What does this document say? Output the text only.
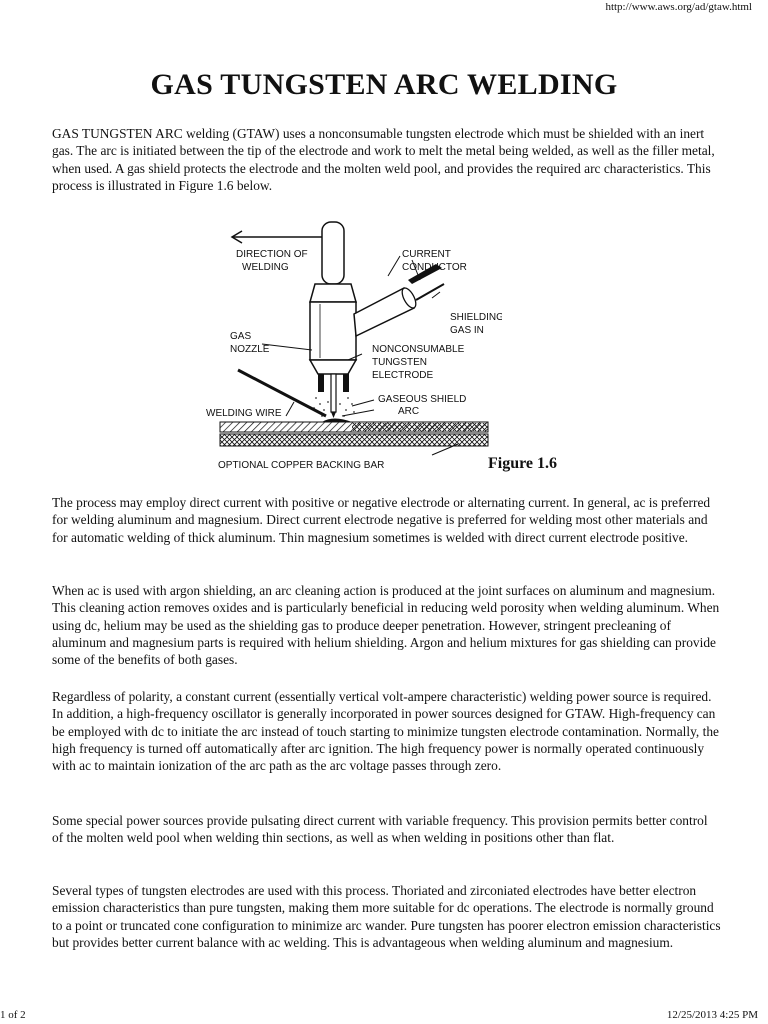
http://www.aws.org/ad/gtaw.html
GAS TUNGSTEN ARC WELDING

GAS TUNGSTEN ARC welding (GTAW) uses a nonconsumable tungsten electrode which must be shielded with an inert gas. The arc is initiated between the tip of the electrode and work to melt the metal being welded, as well as the filler metal, when used. A gas shield protects the electrode and the molten weld pool, and provides the required arc characteristics. This process is illustrated in Figure 1.6 below.

DIRECTION OF
WELDING
CURRENT
CONDUCTOR
SHIELDING
GAS IN
GAS
NOZZLE	NONCONSUMABLE
TUNGSTEN
ELECTRODE
GASEOUS SHIELD
ARC
WELDING WIRE
OPTIONAL COPPER BACKING BAR	Figure 1.6

The process may employ direct current with positive or negative electrode or alternating current. In general, ac is preferred for welding aluminum and magnesium. Direct current electrode negative is preferred for welding most other materials and for automatic welding of thick aluminum. Thin magnesium sometimes is welded with direct current electrode positive.

When ac is used with argon shielding, an arc cleaning action is produced at the joint surfaces on aluminum and magnesium. This cleaning action removes oxides and is particularly beneficial in reducing weld porosity when welding aluminum. When using dc, helium may be used as the shielding gas to produce deeper penetration. However, stringent precleaning of aluminum and magnesium parts is required with helium shielding. Argon and helium mixtures for gas shielding can provide some of the benefits of both gases.

Regardless of polarity, a constant current (essentially vertical volt-ampere characteristic) welding power source is required. In addition, a high-frequency oscillator is generally incorporated in power sources designed for GTAW. High-frequency can be employed with dc to initiate the arc instead of touch starting to minimize tungsten electrode contamination. Normally, the high frequency is turned off automatically after arc ignition. The high frequency power is normally operated continuously with ac to maintain ionization of the arc path as the arc voltage passes through zero.

Some special power sources provide pulsating direct current with variable frequency. This provision permits better control of the molten weld pool when welding thin sections, as well as when welding in positions other than flat.

Several types of tungsten electrodes are used with this process. Thoriated and zirconiated electrodes have better electron emission characteristics than pure tungsten, making them more suitable for dc operations. The electrode is normally ground to a point or truncated cone configuration to minimize arc wander. Pure tungsten has poorer electron emission characteristics but provides better current balance with ac welding. This is advantageous when welding aluminum and magnesium.

1 of 2	12/25/2013 4:25 PM
